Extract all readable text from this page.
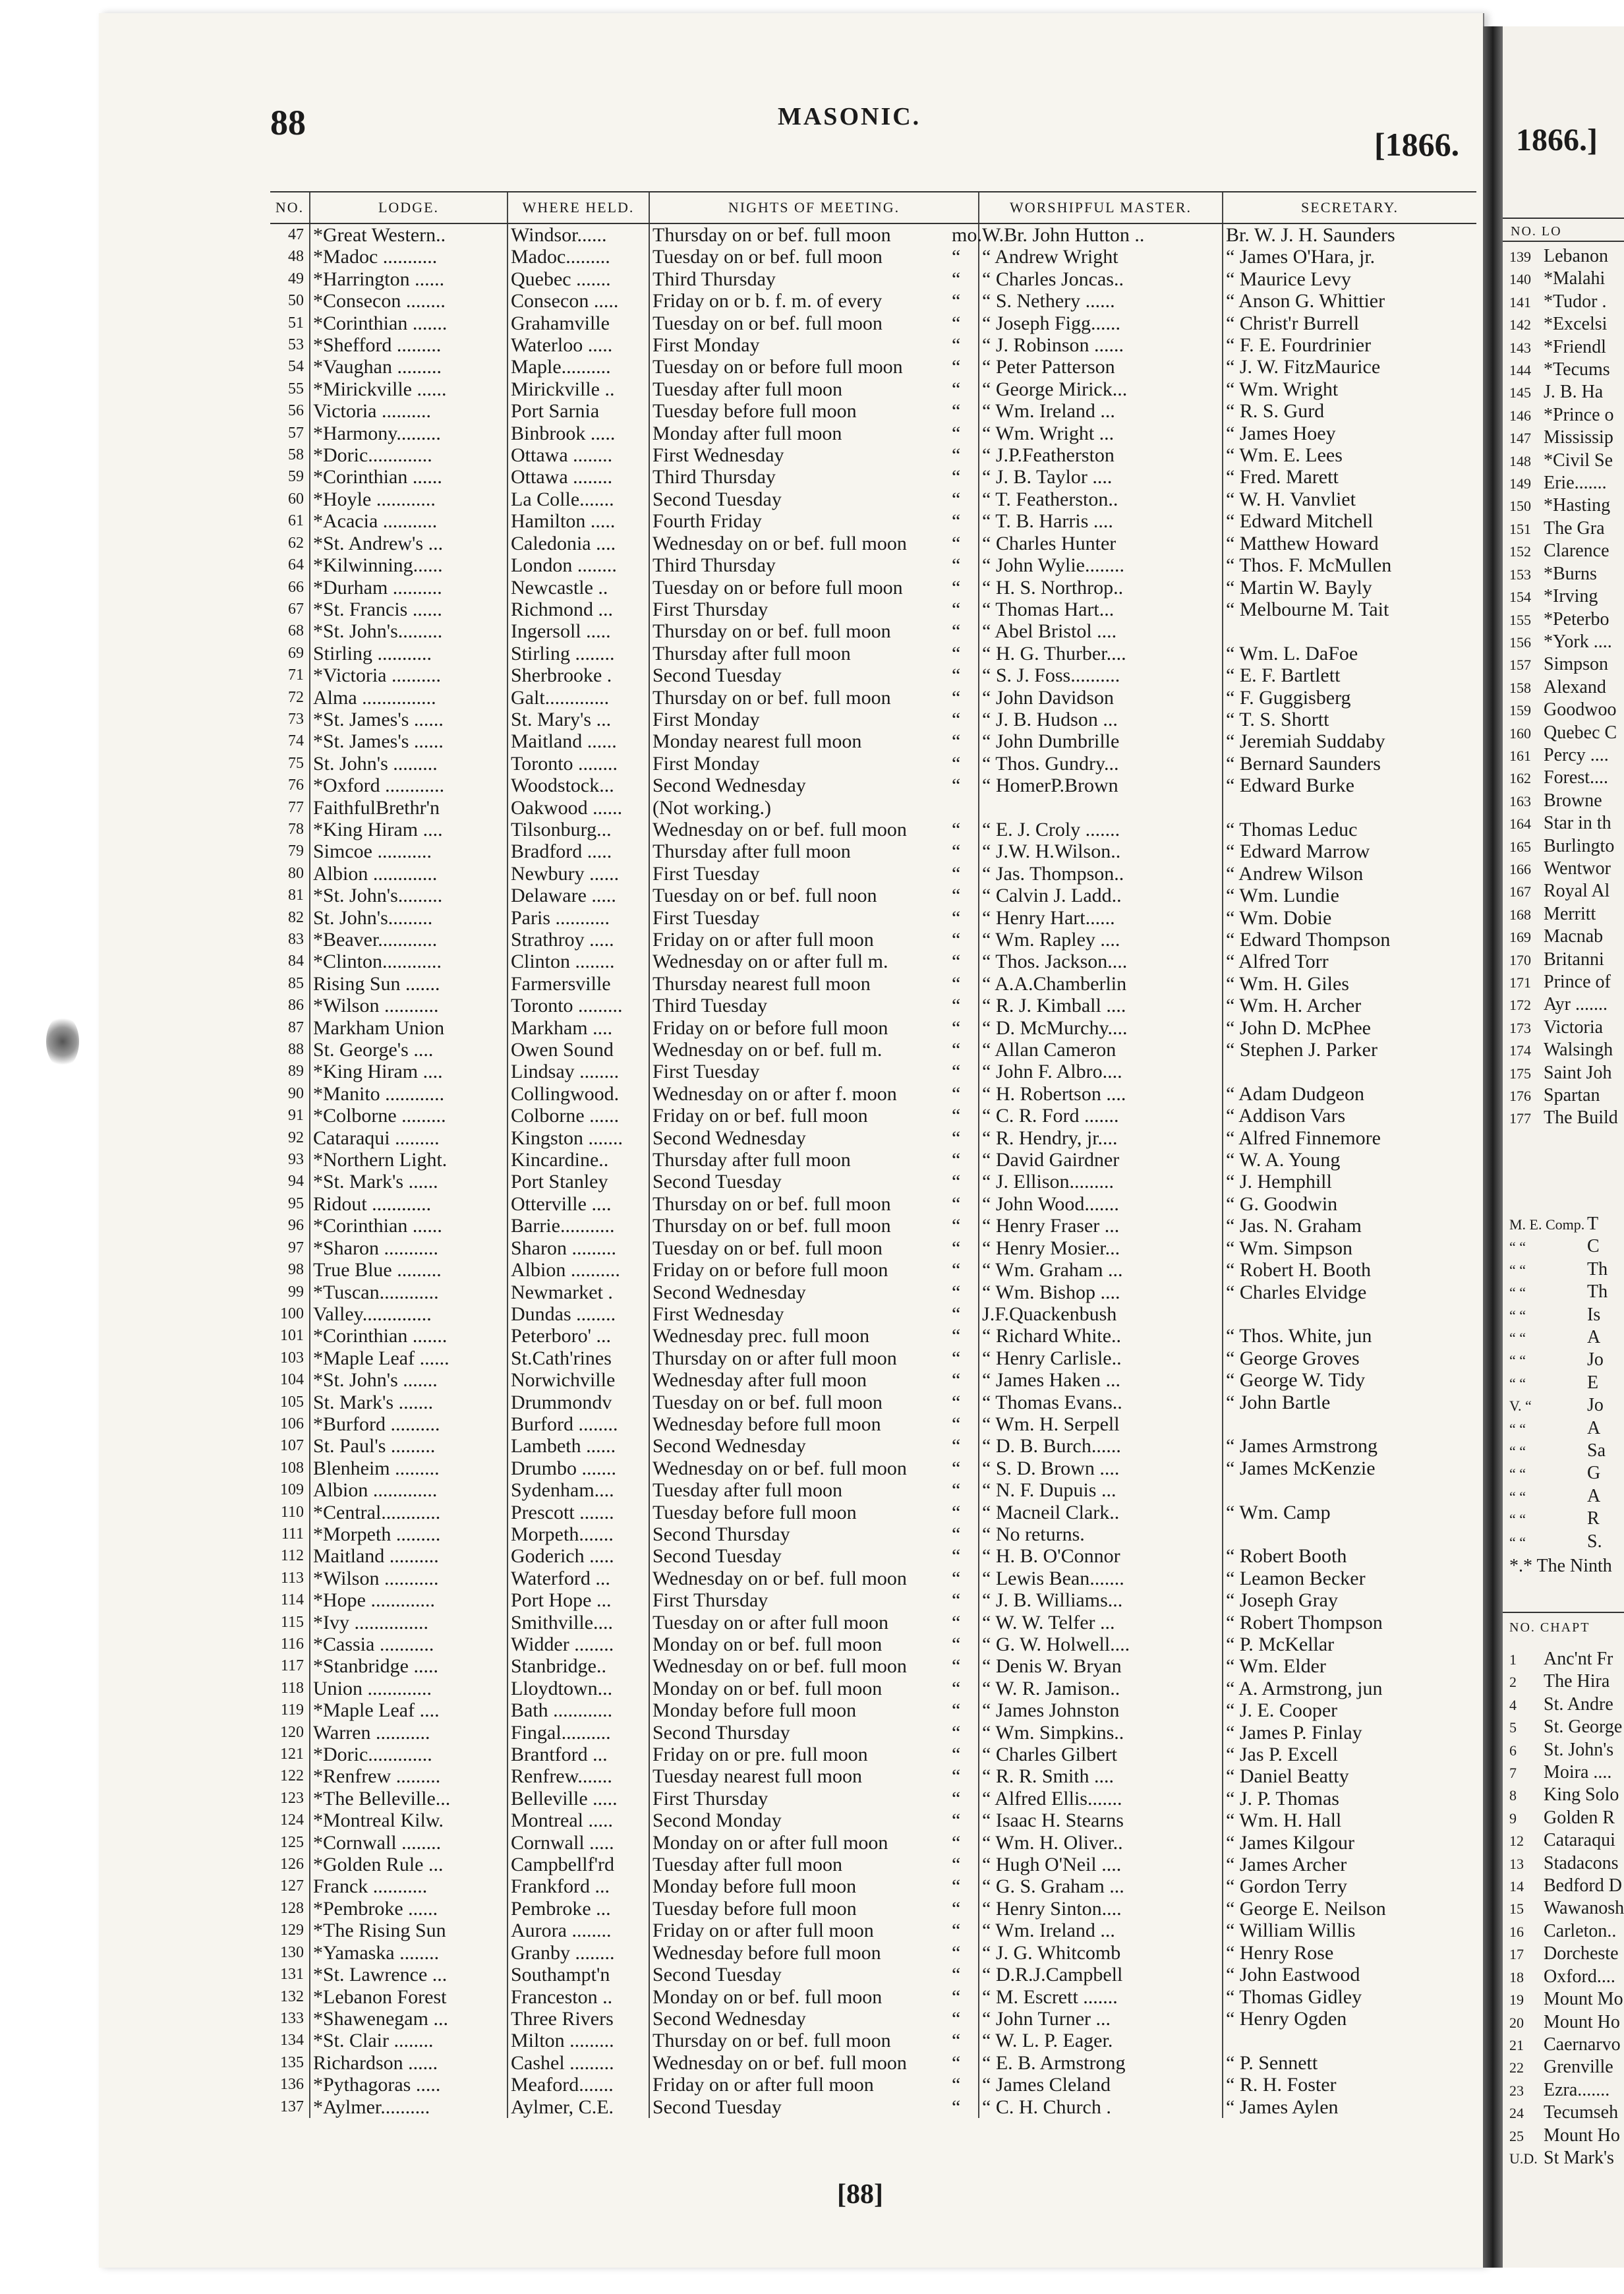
NO. LO
139 Lebanon
140 *Malahi
141 *Tudor .
142 *Excelsi
143 *Friendl
144 *Tecums
145 J. B. Ha
146 *Prince o
147 Mississip
148 *Civil Se
149 Erie.......
150 *Hasting
151 The Gra
152 Clarence
153 *Burns
154 *Irving
155 *Peterbo
156 *York ....
157 Simpson
158 Alexand
159 Goodwoo
160 Quebec C
161 Percy ....
162 Forest....
163 Browne
164 Star in th
165 Burlingto
166 Wentwor
167 Royal Al
168 Merritt
169 Macnab
170 Britanni
171 Prince of
172 Ayr .......
173 Victoria
174 Walsingh
175 Saint Joh
176 Spartan
177 The Build
M. E. Comp. T
“ “	C
“ “	Th
“ “	Th
“ “	Is
“ “	A
“ “	Jo
“ “	E
V. “	Jo
“ “	A
“ “	Sa
“ “	G
“ “	A
“ “	R
“ “	S.
*.* The Ninth
NO. CHAPT
1 Anc'nt Fr
2 The Hira
4 St. Andre
5 St. George
6 St. John's
7 Moira ....
8 King Solo
9 Golden R
12 Cataraqui
13 Stadacons
14 Bedford D
15 Wawanosh
16 Carleton..
17 Dorcheste
18 Oxford....
19 Mount Mo
20 Mount Ho
21 Caernarvo
22 Grenville
23 Ezra.......
24 Tecumseh
25 Mount Ho
U.D. St Mark's
88	MASONIC.
[1866. 1866.]
NO.	LODGE.	WHERE HELD.	NIGHTS OF MEETING.		WORSHIPFUL MASTER.	SECRETARY.
47	*Great Western..	Windsor......	Thursday on or bef. full moon	mo.	W.Br. John Hutton ..	Br. W. J. H. Saunders
48	*Madoc ...........	Madoc.........	Tuesday on or bef. full moon	“	“ Andrew Wright	“ James O'Hara, jr.
49	*Harrington ......	Quebec .......	Third Thursday	“	“ Charles Joncas..	“ Maurice Levy
50	*Consecon ........	Consecon .....	Friday on or b. f. m. of every	“	“ S. Nethery ......	“ Anson G. Whittier
51	*Corinthian .......	Grahamville	Tuesday on or bef. full moon	“	“ Joseph Figg......	“ Christ'r Burrell
53	*Shefford .........	Waterloo .....	First Monday	“	“ J. Robinson ......	“ F. E. Fourdrinier
54	*Vaughan .........	Maple..........	Tuesday on or before full moon	“	“ Peter Patterson	“ J. W. FitzMaurice
55	*Mirickville ......	Mirickville ..	Tuesday after full moon	“	“ George Mirick...	“ Wm. Wright
56	Victoria ..........	Port Sarnia	Tuesday before full moon	“	“ Wm. Ireland ...	“ R. S. Gurd
57	*Harmony.........	Binbrook .....	Monday after full moon	“	“ Wm. Wright ...	“ James Hoey
58	*Doric.............	Ottawa ........	First Wednesday	“	“ J.P.Featherston	“ Wm. E. Lees
59	*Corinthian ......	Ottawa ........	Third Thursday	“	“ J. B. Taylor ....	“ Fred. Marett
60	*Hoyle ............	La Colle.......	Second Tuesday	“	“ T. Featherston..	“ W. H. Vanvliet
61	*Acacia ...........	Hamilton .....	Fourth Friday	“	“ T. B. Harris ....	“ Edward Mitchell
62	*St. Andrew's ...	Caledonia ....	Wednesday on or bef. full moon	“	“ Charles Hunter	“ Matthew Howard
64	*Kilwinning......	London ........	Third Thursday	“	“ John Wylie........	“ Thos. F. McMullen
66	*Durham ..........	Newcastle ..	Tuesday on or before full moon	“	“ H. S. Northrop..	“ Martin W. Bayly
67	*St. Francis ......	Richmond ...	First Thursday	“	“ Thomas Hart...	“ Melbourne M. Tait
68	*St. John's.........	Ingersoll .....	Thursday on or bef. full moon	“	“ Abel Bristol ....	
69	Stirling ...........	Stirling ........	Thursday after full moon	“	“ H. G. Thurber....	“ Wm. L. DaFoe
71	*Victoria ..........	Sherbrooke .	Second Tuesday	“	“ S. J. Foss..........	“ E. F. Bartlett
72	Alma ...............	Galt.............	Thursday on or bef. full moon	“	“ John Davidson	“ F. Guggisberg
73	*St. James's ......	St. Mary's ...	First Monday	“	“ J. B. Hudson ...	“ T. S. Shortt
74	*St. James's ......	Maitland ......	Monday nearest full moon	“	“ John Dumbrille	“ Jeremiah Suddaby
75	St. John's .........	Toronto ........	First Monday	“	“ Thos. Gundry...	“ Bernard Saunders
76	*Oxford ............	Woodstock...	Second Wednesday	“	“ HomerP.Brown	“ Edward Burke
77	FaithfulBrethr'n	Oakwood ......	(Not working.)			
78	*King Hiram ....	Tilsonburg...	Wednesday on or bef. full moon	“	“ E. J. Croly .......	“ Thomas Leduc
79	Simcoe ...........	Bradford .....	Thursday after full moon	“	“ J.W. H.Wilson..	“ Edward Marrow
80	Albion .............	Newbury ......	First Tuesday	“	“ Jas. Thompson..	“ Andrew Wilson
81	*St. John's.........	Delaware .....	Tuesday on or bef. full noon	“	“ Calvin J. Ladd..	“ Wm. Lundie
82	St. John's.........	Paris ...........	First Tuesday	“	“ Henry Hart......	“ Wm. Dobie
83	*Beaver............	Strathroy .....	Friday on or after full moon	“	“ Wm. Rapley ....	“ Edward Thompson
84	*Clinton............	Clinton ........	Wednesday on or after full m.	“	“ Thos. Jackson....	“ Alfred Torr
85	Rising Sun .......	Farmersville	Thursday nearest full moon	“	“ A.A.Chamberlin	“ Wm. H. Giles
86	*Wilson ...........	Toronto .........	Third Tuesday	“	“ R. J. Kimball ....	“ Wm. H. Archer
87	Markham Union	Markham ....	Friday on or before full moon	“	“ D. McMurchy....	“ John D. McPhee
88	St. George's ....	Owen Sound	Wednesday on or bef. full m.	“	“ Allan Cameron	“ Stephen J. Parker
89	*King Hiram ....	Lindsay ........	First Tuesday	“	“ John F. Albro....	
90	*Manito ............	Collingwood.	Wednesday on or after f. moon	“	“ H. Robertson ....	“ Adam Dudgeon
91	*Colborne .........	Colborne ......	Friday on or bef. full moon	“	“ C. R. Ford .......	“ Addison Vars
92	Cataraqui .........	Kingston .......	Second Wednesday	“	“ R. Hendry, jr....	“ Alfred Finnemore
93	*Northern Light.	Kincardine..	Thursday after full moon	“	“ David Gairdner	“ W. A. Young
94	*St. Mark's ......	Port Stanley	Second Tuesday	“	“ J. Ellison.........	“ J. Hemphill
95	Ridout ............	Otterville ....	Thursday on or bef. full moon	“	“ John Wood.......	“ G. Goodwin
96	*Corinthian ......	Barrie...........	Thursday on or bef. full moon	“	“ Henry Fraser ...	“ Jas. N. Graham
97	*Sharon ...........	Sharon .........	Tuesday on or bef. full moon	“	“ Henry Mosier...	“ Wm. Simpson
98	True Blue .........	Albion ..........	Friday on or before full moon	“	“ Wm. Graham ...	“ Robert H. Booth
99	*Tuscan............	Newmarket .	Second Wednesday	“	“ Wm. Bishop ....	“ Charles Elvidge
100	Valley..............	Dundas ........	First Wednesday	“	J.F.Quackenbush	
101	*Corinthian .......	Peterboro' ...	Wednesday prec. full moon	“	“ Richard White..	“ Thos. White, jun
103	*Maple Leaf ......	St.Cath'rines	Thursday on or after full moon	“	“ Henry Carlisle..	“ George Groves
104	*St. John's .......	Norwichville	Wednesday after full moon	“	“ James Haken ...	“ George W. Tidy
105	St. Mark's .......	Drummondv	Tuesday on or bef. full moon	“	“ Thomas Evans..	“ John Bartle
106	*Burford ..........	Burford ........	Wednesday before full moon	“	“ Wm. H. Serpell	
107	St. Paul's .........	Lambeth ......	Second Wednesday	“	“ D. B. Burch......	“ James Armstrong
108	Blenheim .........	Drumbo .......	Wednesday on or bef. full moon	“	“ S. D. Brown ....	“ James McKenzie
109	Albion .............	Sydenham....	Tuesday after full moon	“	“ N. F. Dupuis ...	
110	*Central............	Prescott .......	Tuesday before full moon	“	“ Macneil Clark..	“ Wm. Camp
111	*Morpeth .........	Morpeth.......	Second Thursday	“	“ No returns.	
112	Maitland ..........	Goderich .....	Second Tuesday	“	“ H. B. O'Connor	“ Robert Booth
113	*Wilson ...........	Waterford ...	Wednesday on or bef. full moon	“	“ Lewis Bean.......	“ Leamon Becker
114	*Hope .............	Port Hope ...	First Thursday	“	“ J. B. Williams...	“ Joseph Gray
115	*Ivy ...............	Smithville....	Tuesday on or after full moon	“	“ W. W. Telfer ...	“ Robert Thompson
116	*Cassia ...........	Widder ........	Monday on or bef. full moon	“	“ G. W. Holwell....	“ P. McKellar
117	*Stanbridge .....	Stanbridge..	Wednesday on or bef. full moon	“	“ Denis W. Bryan	“ Wm. Elder
118	Union .............	Lloydtown...	Monday on or bef. full moon	“	“ W. R. Jamison..	“ A. Armstrong, jun
119	*Maple Leaf ....	Bath ............	Monday before full moon	“	“ James Johnston	“ J. E. Cooper
120	Warren ...........	Fingal..........	Second Thursday	“	“ Wm. Simpkins..	“ James P. Finlay
121	*Doric.............	Brantford ...	Friday on or pre. full moon	“	“ Charles Gilbert	“ Jas P. Excell
122	*Renfrew .........	Renfrew.......	Tuesday nearest full moon	“	“ R. R. Smith ....	“ Daniel Beatty
123	*The Belleville...	Belleville .....	First Thursday	“	“ Alfred Ellis.......	“ J. P. Thomas
124	*Montreal Kilw.	Montreal .....	Second Monday	“	“ Isaac H. Stearns	“ Wm. H. Hall
125	*Cornwall ........	Cornwall .....	Monday on or after full moon	“	“ Wm. H. Oliver..	“ James Kilgour
126	*Golden Rule ...	Campbellf'rd	Tuesday after full moon	“	“ Hugh O'Neil ....	“ James Archer
127	Franck ...........	Frankford ...	Monday before full moon	“	“ G. S. Graham ...	“ Gordon Terry
128	*Pembroke ......	Pembroke ...	Tuesday before full moon	“	“ Henry Sinton....	“ George E. Neilson
129	*The Rising Sun	Aurora ........	Friday on or after full moon	“	“ Wm. Ireland ...	“ William Willis
130	*Yamaska ........	Granby ........	Wednesday before full moon	“	“ J. G. Whitcomb	“ Henry Rose
131	*St. Lawrence ...	Southampt'n	Second Tuesday	“	“ D.R.J.Campbell	“ John Eastwood
132	*Lebanon Forest	Franceston ..	Monday on or bef. full moon	“	“ M. Escrett .......	“ Thomas Gidley
133	*Shawenegam ...	Three Rivers	Second Wednesday	“	“ John Turner ...	“ Henry Ogden
134	*St. Clair ........	Milton .........	Thursday on or bef. full moon	“	“ W. L. P. Eager.	
135	Richardson ......	Cashel .........	Wednesday on or bef. full moon	“	“ E. B. Armstrong	“ P. Sennett
136	*Pythagoras .....	Meaford.......	Friday on or after full moon	“	“ James Cleland	“ R. H. Foster
137	*Aylmer..........	Aylmer, C.E.	Second Tuesday	“	“ C. H. Church .	“ James Aylen
[88]
